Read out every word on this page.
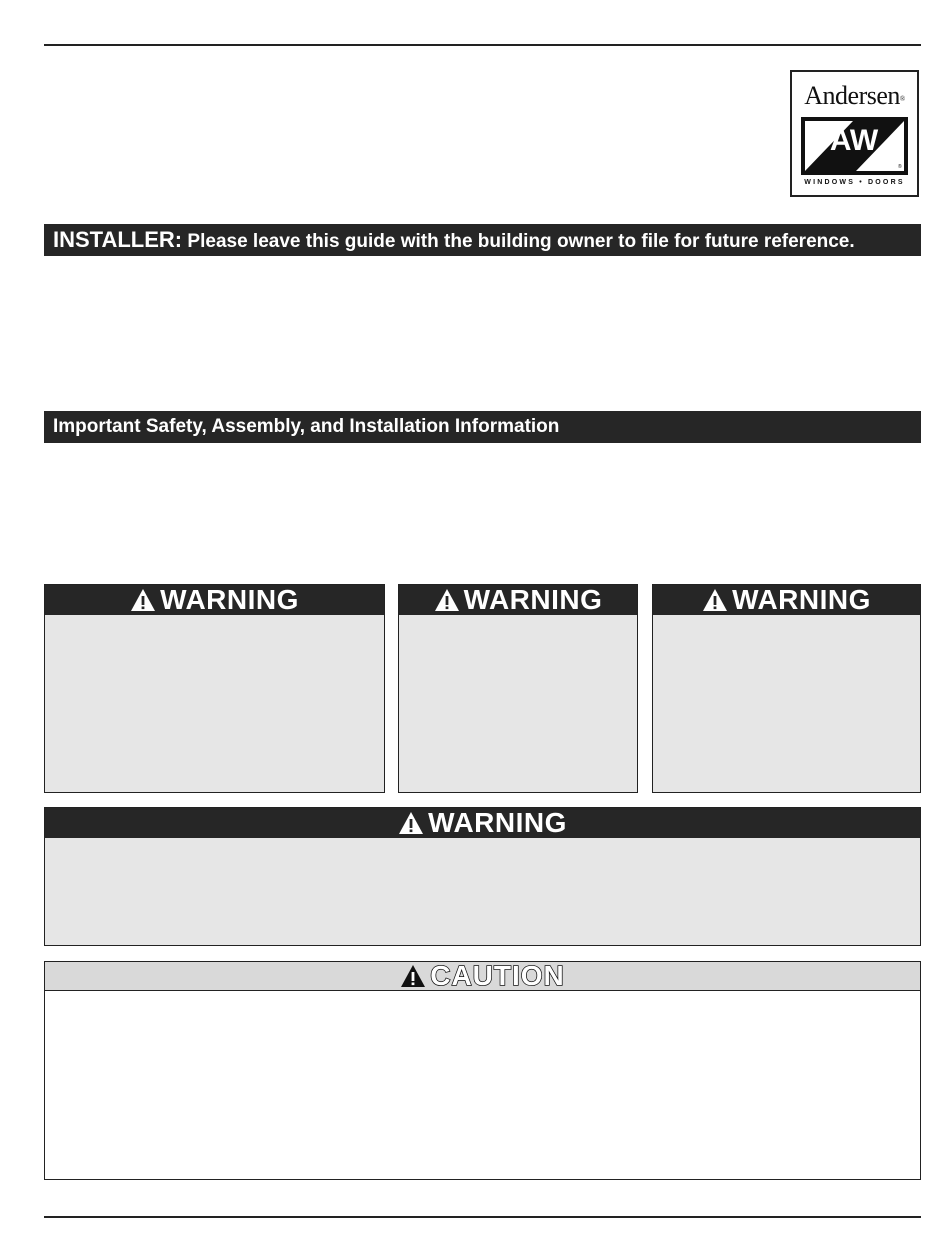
Andersen®
AW
®
WINDOWS • DOORS
INSTALLER: Please leave this guide with the building owner to file for future reference.
Important Safety, Assembly, and Installation Information
WARNING	WARNING	WARNING
WARNING
CAUTION
